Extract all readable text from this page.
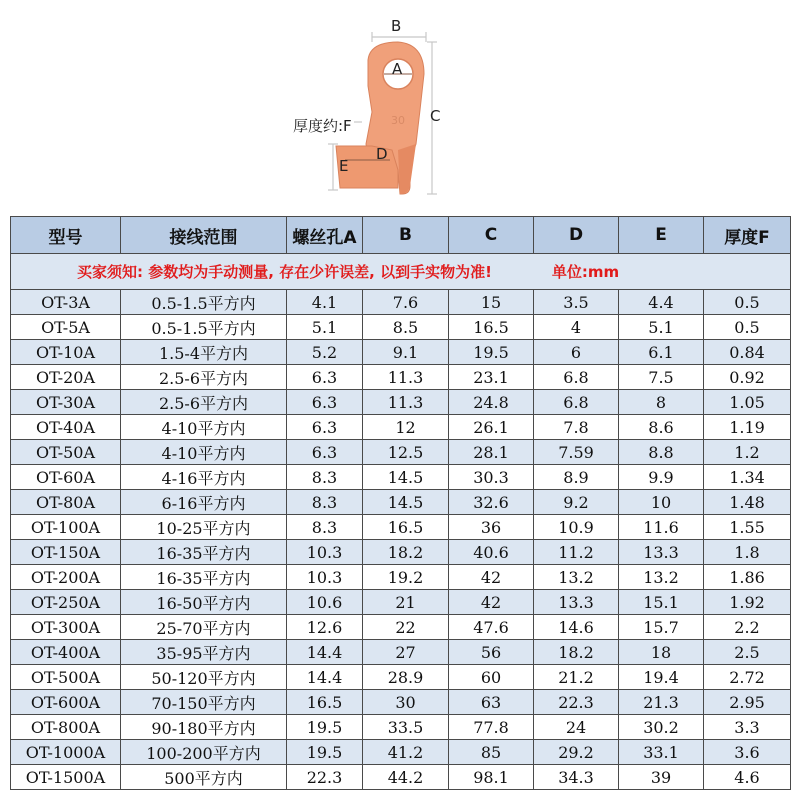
30
B
A
C
厚度约:F
D
E
型号	接线范围	螺丝孔A	B	C	D	E	厚度F
买家须知: 参数均为手动测量, 存在少许误差, 以到手实物为准! 单位:mm							
OT-3A	0.5-1.5平方内	4.1	7.6	15	3.5	4.4	0.5
OT-5A	0.5-1.5平方内	5.1	8.5	16.5	4	5.1	0.5
OT-10A	1.5-4平方内	5.2	9.1	19.5	6	6.1	0.84
OT-20A	2.5-6平方内	6.3	11.3	23.1	6.8	7.5	0.92
OT-30A	2.5-6平方内	6.3	11.3	24.8	6.8	8	1.05
OT-40A	4-10平方内	6.3	12	26.1	7.8	8.6	1.19
OT-50A	4-10平方内	6.3	12.5	28.1	7.59	8.8	1.2
OT-60A	4-16平方内	8.3	14.5	30.3	8.9	9.9	1.34
OT-80A	6-16平方内	8.3	14.5	32.6	9.2	10	1.48
OT-100A	10-25平方内	8.3	16.5	36	10.9	11.6	1.55
OT-150A	16-35平方内	10.3	18.2	40.6	11.2	13.3	1.8
OT-200A	16-35平方内	10.3	19.2	42	13.2	13.2	1.86
OT-250A	16-50平方内	10.6	21	42	13.3	15.1	1.92
OT-300A	25-70平方内	12.6	22	47.6	14.6	15.7	2.2
OT-400A	35-95平方内	14.4	27	56	18.2	18	2.5
OT-500A	50-120平方内	14.4	28.9	60	21.2	19.4	2.72
OT-600A	70-150平方内	16.5	30	63	22.3	21.3	2.95
OT-800A	90-180平方内	19.5	33.5	77.8	24	30.2	3.3
OT-1000A	100-200平方内	19.5	41.2	85	29.2	33.1	3.6
OT-1500A	500平方内	22.3	44.2	98.1	34.3	39	4.6
